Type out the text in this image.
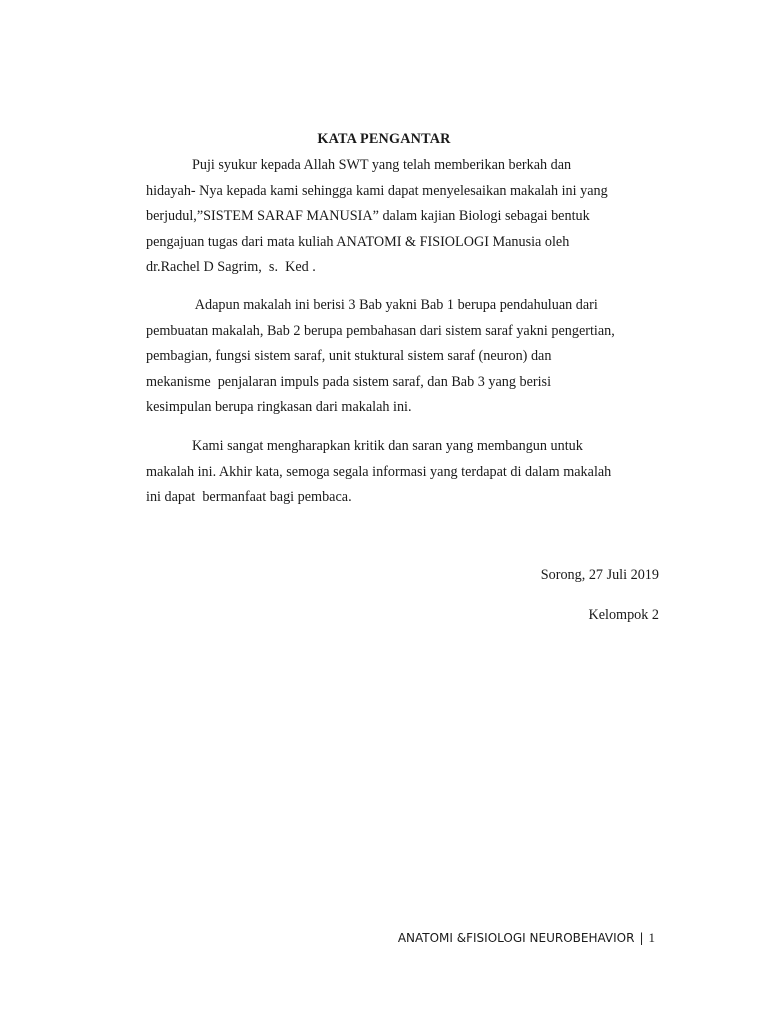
KATA PENGANTAR
Puji syukur kepada Allah SWT yang telah memberikan berkah dan
hidayah- Nya kepada kami sehingga kami dapat menyelesaikan makalah ini yang
berjudul,”SISTEM SARAF MANUSIA” dalam kajian Biologi sebagai bentuk
pengajuan tugas dari mata kuliah ANATOMI & FISIOLOGI Manusia oleh
dr.Rachel D Sagrim,  s.  Ked .
Adapun makalah ini berisi 3 Bab yakni Bab 1 berupa pendahuluan dari
pembuatan makalah, Bab 2 berupa pembahasan dari sistem saraf yakni pengertian,
pembagian, fungsi sistem saraf, unit stuktural sistem saraf (neuron) dan
mekanisme  penjalaran impuls pada sistem saraf, dan Bab 3 yang berisi
kesimpulan berupa ringkasan dari makalah ini.
Kami sangat mengharapkan kritik dan saran yang membangun untuk
makalah ini. Akhir kata, semoga segala informasi yang terdapat di dalam makalah
ini dapat  bermanfaat bagi pembaca.
Sorong, 27 Juli 2019
Kelompok 2
ANATOMI &FISIOLOGI NEUROBEHAVIOR | 1
